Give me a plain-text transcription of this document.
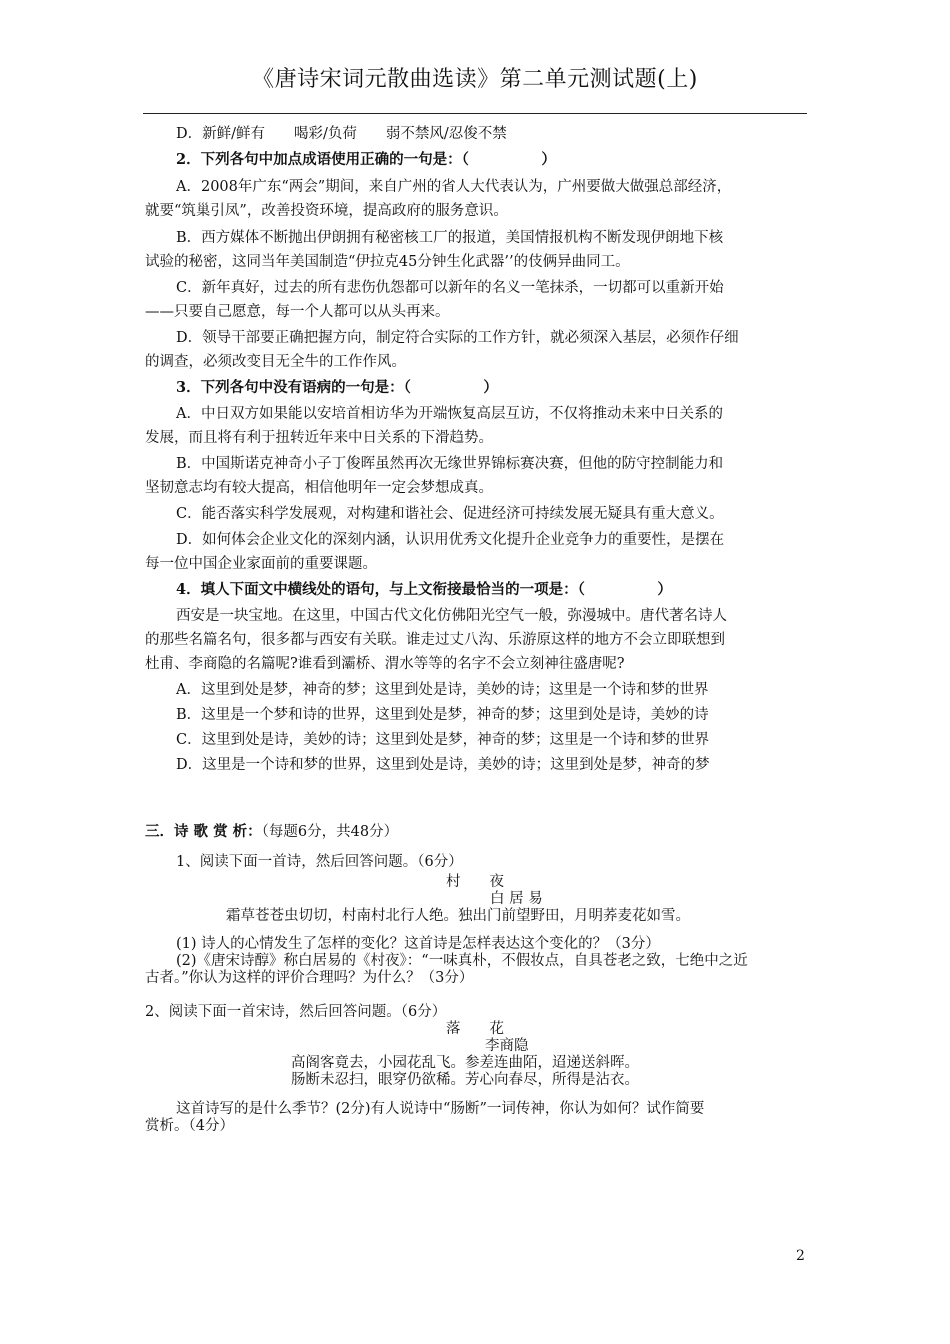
《唐诗宋词元散曲选读》第二单元测试题(上)
D．新鲜/鲜有　　喝彩/负荷　　弱不禁风/忍俊不禁
2．下列各句中加点成语使用正确的一句是：（　　　　　）
A．2008年广东“两会”期间，来自广州的省人大代表认为，广州要做大做强总部经济，
就要“筑巢引凤”，改善投资环境，提高政府的服务意识。
B．西方媒体不断抛出伊朗拥有秘密核工厂的报道，美国情报机构不断发现伊朗地下核
试验的秘密，这同当年美国制造“伊拉克45分钟生化武器’’的伎俩异曲同工。
C．新年真好，过去的所有悲伤仇怨都可以新年的名义一笔抹杀，一切都可以重新开始
——只要自己愿意，每一个人都可以从头再来。
D．领导干部要正确把握方向，制定符合实际的工作方针，就必须深入基层，必须作仔细
的调查，必须改变目无全牛的工作作风。
3．下列各句中没有语病的一句是：（　　　　　）
A．中日双方如果能以安培首相访华为开端恢复高层互访，不仅将推动未来中日关系的
发展，而且将有利于扭转近年来中日关系的下滑趋势。
B．中国斯诺克神奇小子丁俊晖虽然再次无缘世界锦标赛决赛，但他的防守控制能力和
坚韧意志均有较大提高，相信他明年一定会梦想成真。
C．能否落实科学发展观，对构建和谐社会、促进经济可持续发展无疑具有重大意义。
D．如何体会企业文化的深刻内涵，认识用优秀文化提升企业竞争力的重要性，是摆在
每一位中国企业家面前的重要课题。
4．填人下面文中横线处的语句，与上文衔接最恰当的一项是：（　　　　　）
西安是一块宝地。在这里，中国古代文化仿佛阳光空气一般，弥漫城中。唐代著名诗人
的那些名篇名句，很多都与西安有关联。谁走过丈八沟、乐游原这样的地方不会立即联想到
杜甫、李商隐的名篇呢?谁看到灞桥、渭水等等的名字不会立刻神往盛唐呢?
A．这里到处是梦，神奇的梦；这里到处是诗，美妙的诗；这里是一个诗和梦的世界
B．这里是一个梦和诗的世界，这里到处是梦，神奇的梦；这里到处是诗，美妙的诗
C．这里到处是诗，美妙的诗；这里到处是梦，神奇的梦；这里是一个诗和梦的世界
D．这里是一个诗和梦的世界，这里到处是诗，美妙的诗；这里到处是梦，神奇的梦
三．诗 歌 赏 析：（每题6分，共48分）
1、阅读下面一首诗，然后回答问题。（6分）
村　　夜
白 居 易
霜草苍苍虫切切，村南村北行人绝。独出门前望野田，月明荞麦花如雪。
(1) 诗人的心情发生了怎样的变化？这首诗是怎样表达这个变化的？（3分）
(2)《唐宋诗醇》称白居易的《村夜》：“一味真朴，不假妆点，自具苍老之致，七绝中之近
古者。”你认为这样的评价合理吗？为什么？（3分）
2、阅读下面一首宋诗，然后回答问题。（6分）
落　　花
李商隐
高阁客竟去，小园花乱飞。参差连曲陌，迢递送斜晖。
肠断未忍扫，眼穿仍欲稀。芳心向春尽，所得是沾衣。
这首诗写的是什么季节？(2分)有人说诗中“肠断”一词传神，你认为如何？试作简要
赏析。（4分）
2
